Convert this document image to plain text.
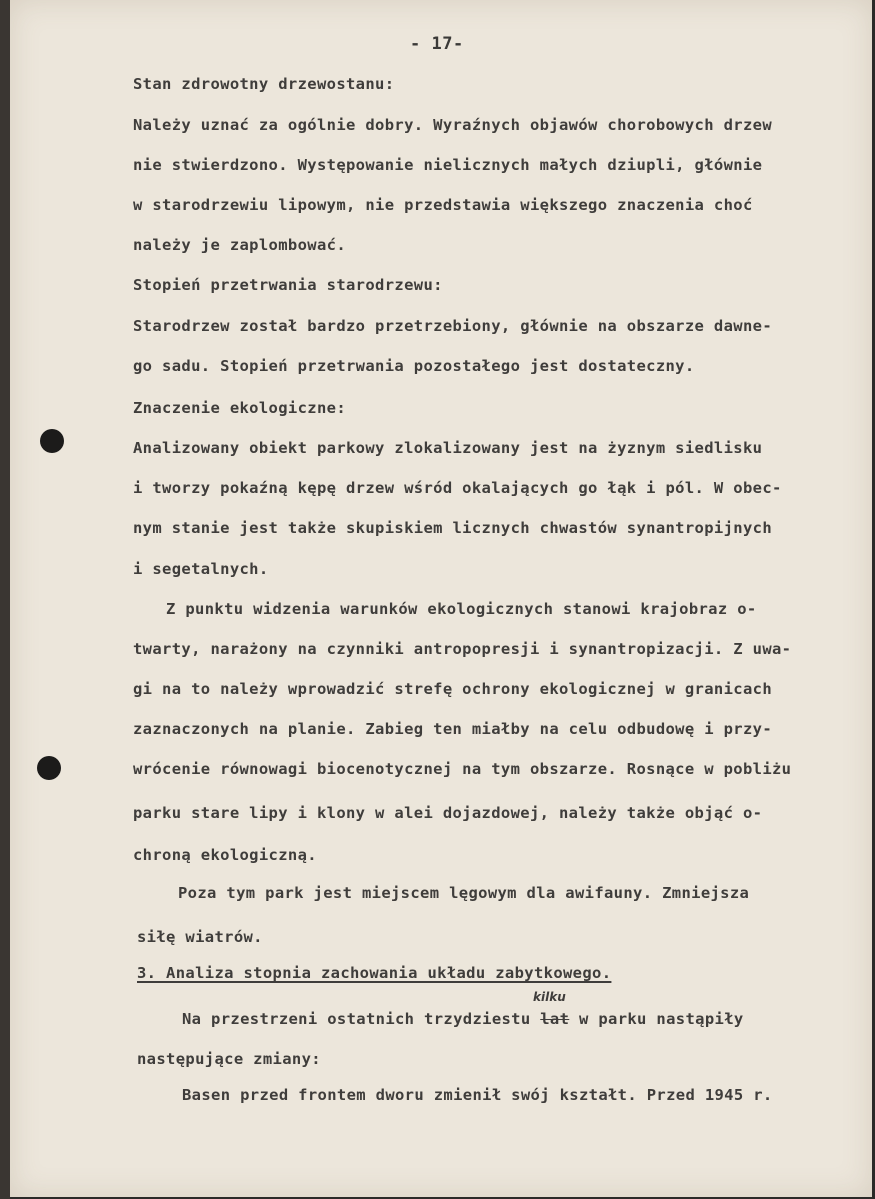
- 17-
Stan zdrowotny drzewostanu:
Należy uznać za ogólnie dobry. Wyraźnych objawów chorobowych drzew
nie stwierdzono. Występowanie nielicznych małych dziupli, głównie
w starodrzewiu lipowym, nie przedstawia większego znaczenia choć
należy je zaplombować.
Stopień przetrwania starodrzewu:
Starodrzew został bardzo przetrzebiony, głównie na obszarze dawne-
go sadu. Stopień przetrwania pozostałego jest dostateczny.
Znaczenie ekologiczne:
Analizowany obiekt parkowy zlokalizowany jest na żyznym siedlisku
i tworzy pokaźną kępę drzew wśród okalających go łąk i pól. W obec-
nym stanie jest także skupiskiem licznych chwastów synantropijnych
i segetalnych.
Z punktu widzenia warunków ekologicznych stanowi krajobraz o-
twarty, narażony na czynniki antropopresji i synantropizacji. Z uwa-
gi na to należy wprowadzić strefę ochrony ekologicznej w granicach
zaznaczonych na planie. Zabieg ten miałby na celu odbudowę i przy-
wrócenie równowagi biocenotycznej na tym obszarze. Rosnące w pobliżu
parku stare lipy i klony w alei dojazdowej, należy także objąć o-
chroną ekologiczną.
Poza tym park jest miejscem lęgowym dla awifauny. Zmniejsza
siłę wiatrów.
3. Analiza stopnia zachowania układu zabytkowego.
Na przestrzeni ostatnich trzydziestu lat w parku nastąpiły
kilku
następujące zmiany:
Basen przed frontem dworu zmienił swój kształt. Przed 1945 r.
